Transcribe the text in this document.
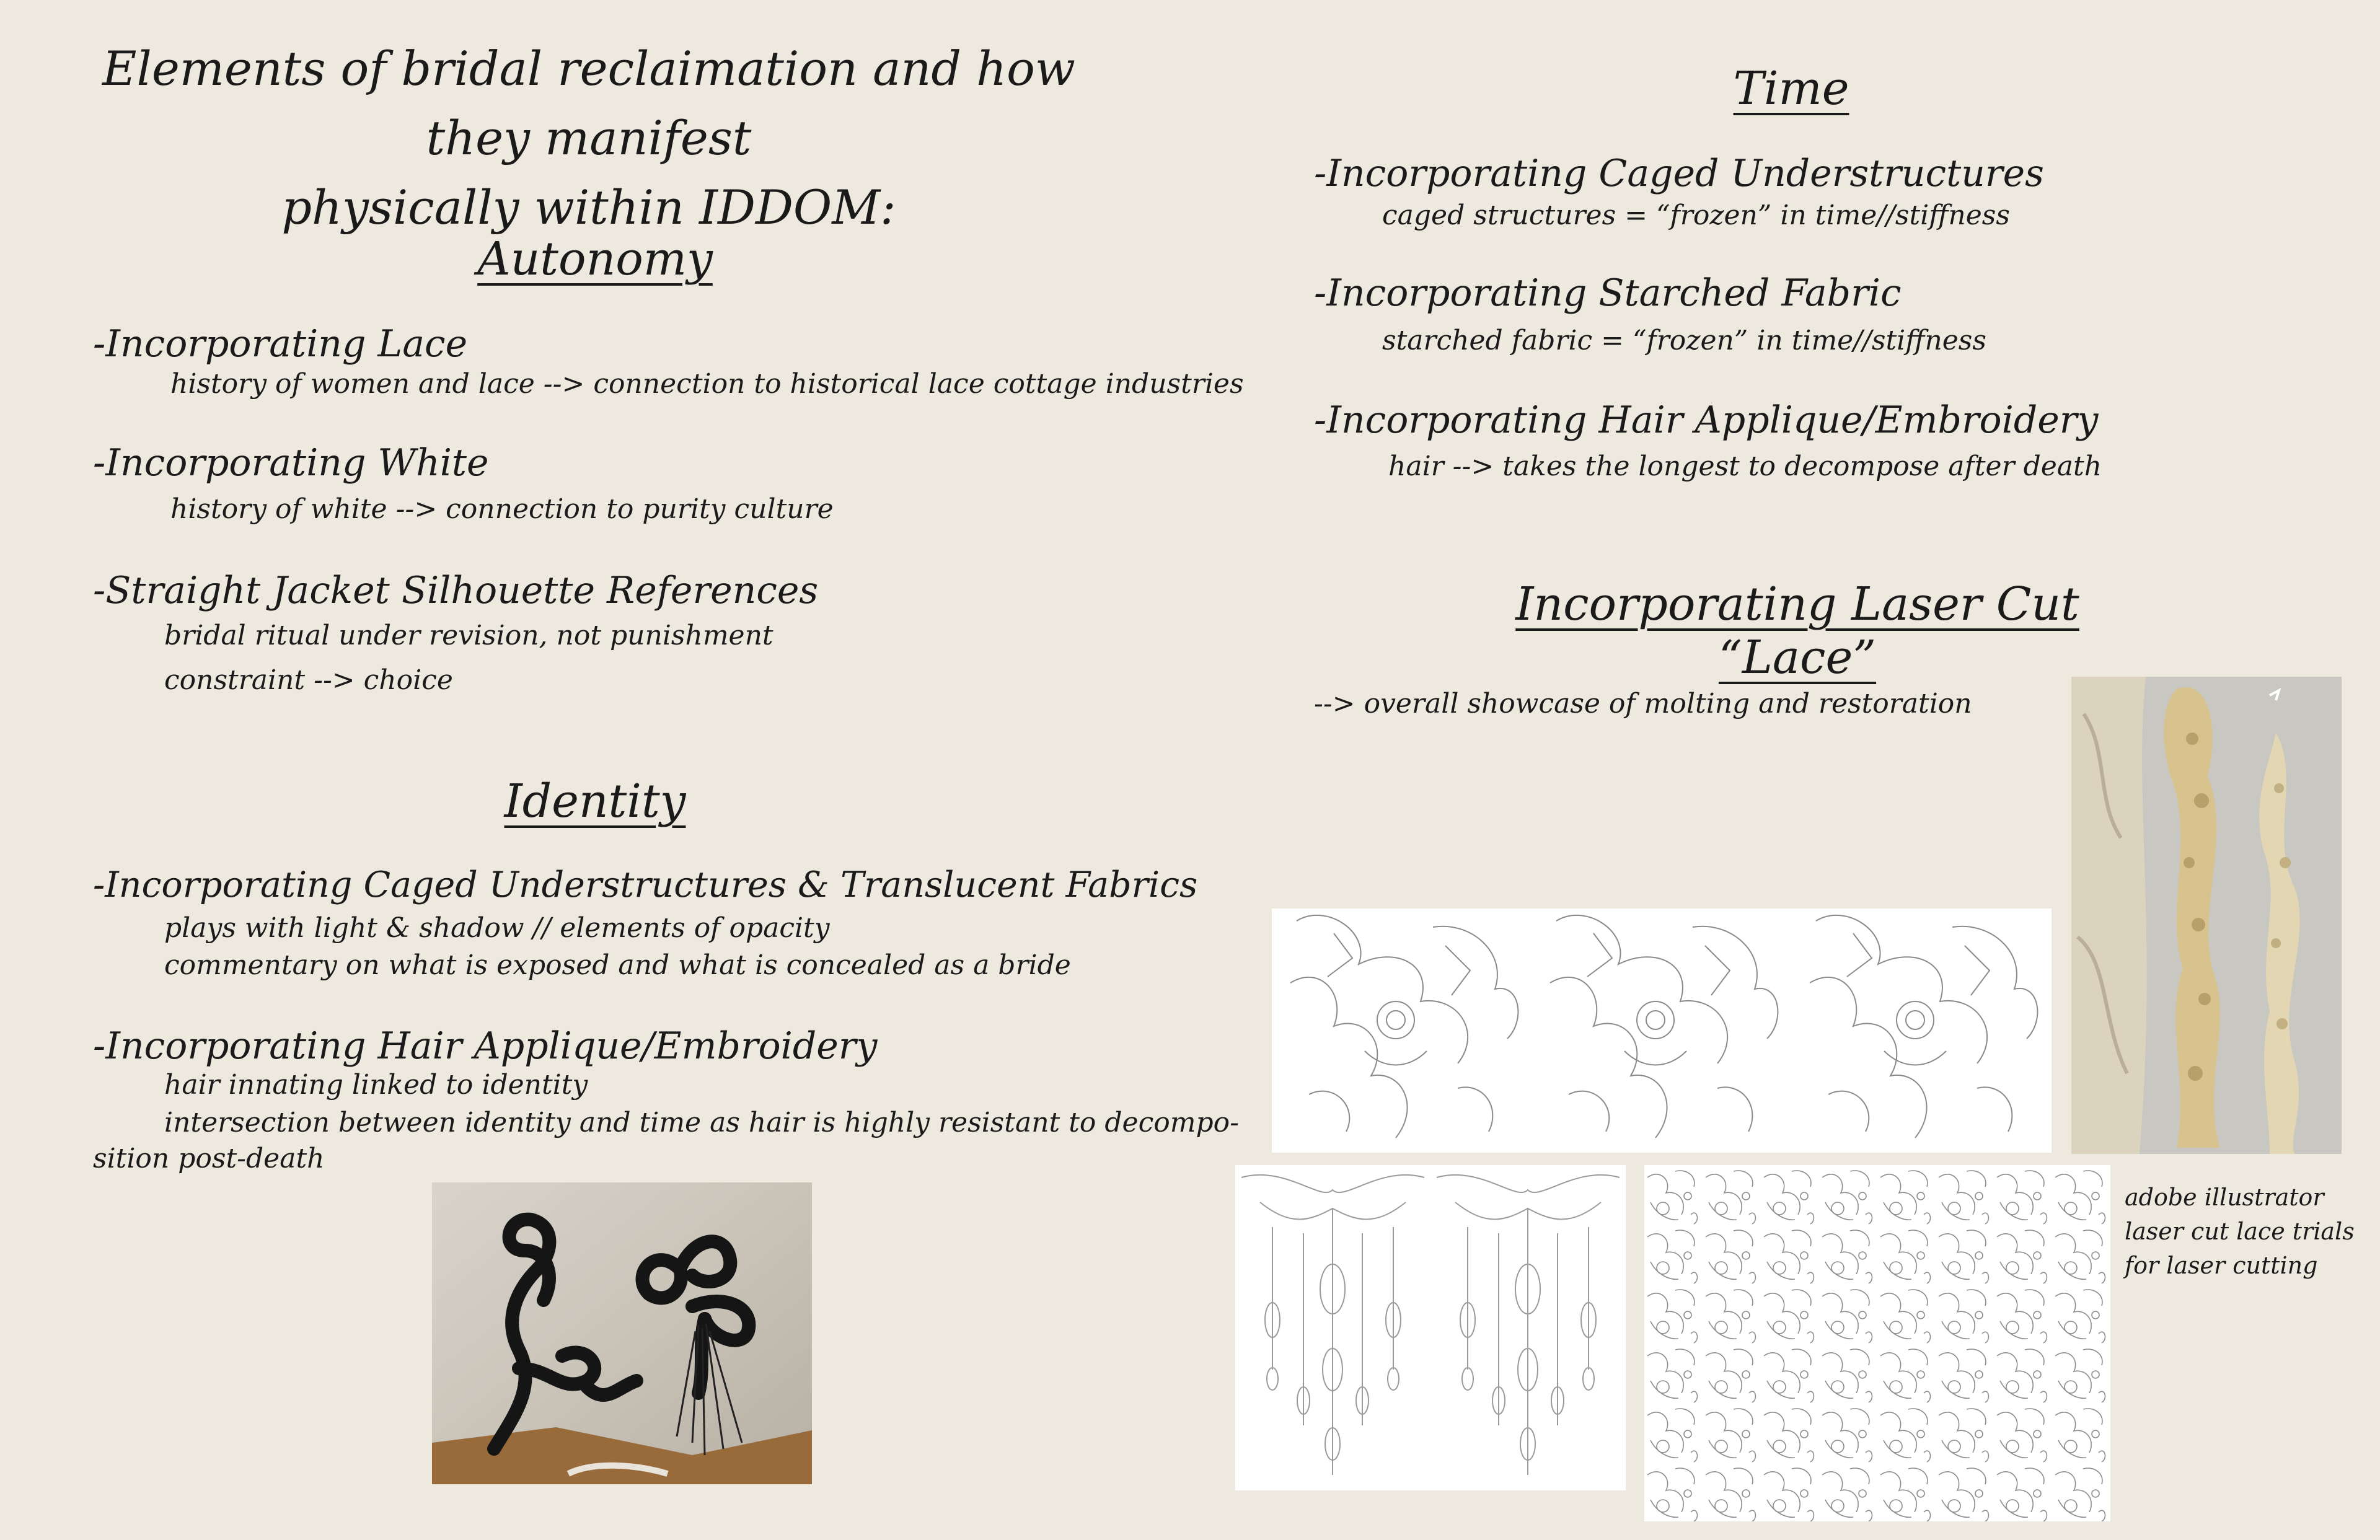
Elements of bridal reclaimation and how they manifest
physically within IDDOM:
Autonomy
-Incorporating Lace
history of women and lace --> connection to historical lace cottage industries
-Incorporating White
history of white --> connection to purity culture
-Straight Jacket Silhouette References
bridal ritual under revision, not punishment
constraint --> choice
Identity
-Incorporating Caged Understructures & Translucent Fabrics
plays with light & shadow // elements of opacity
commentary on what is exposed and what is concealed as a bride
-Incorporating Hair Applique/Embroidery
hair innating linked to identity
intersection between identity and time as hair is highly resistant to decompo-
sition post-death
Time
-Incorporating Caged Understructures
caged structures = “frozen” in time//stiffness
-Incorporating Starched Fabric
starched fabric = “frozen” in time//stiffness
-Incorporating Hair Applique/Embroidery
hair --> takes the longest to decompose after death
Incorporating Laser Cut “Lace”
--> overall showcase of molting and restoration
adobe illustrator
laser cut lace trials
for laser cutting
